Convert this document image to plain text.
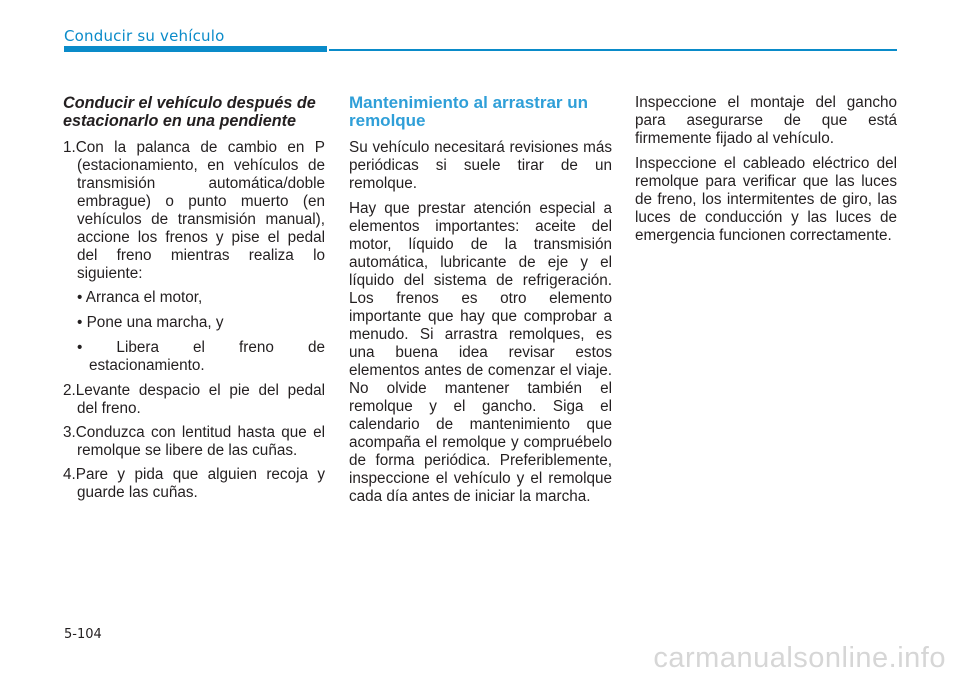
Conducir su vehículo
Conducir el vehículo después de estacionarlo en una pendiente

1.Con la palanca de cambio en P (estacionamiento, en vehículos de transmisión automática/doble embrague) o punto muerto (en vehículos de transmisión manual), accione los frenos y pise el pedal del freno mientras realiza lo siguiente:

• Arranca el motor,

• Pone una marcha, y

• Libera el freno de estacionamiento.

2.Levante despacio el pie del pedal del freno.

3.Conduzca con lentitud hasta que el remolque se libere de las cuñas.

4.Pare y pida que alguien recoja y guarde las cuñas.

Mantenimiento al arrastrar un remolque

Su vehículo necesitará revisiones más periódicas si suele tirar de un remolque.

Hay que prestar atención especial a elementos importantes: aceite del motor, líquido de la transmisión automática, lubricante de eje y el líquido del sistema de refrigeración. Los frenos es otro elemento importante que hay que comprobar a menudo. Si arrastra remolques, es una buena idea revisar estos elementos antes de comenzar el viaje. No olvide mantener también el remolque y el gancho. Siga el calendario de mantenimiento que acompaña el remolque y compruébelo de forma periódica. Preferiblemente, inspeccione el vehículo y el remolque cada día antes de iniciar la marcha.

Inspeccione el montaje del gancho para asegurarse de que está firmemente fijado al vehículo.

Inspeccione el cableado eléctrico del remolque para verificar que las luces de freno, los intermitentes de giro, las luces de conducción y las luces de emergencia funcionen correctamente.

5-104
carmanualsonline.info
